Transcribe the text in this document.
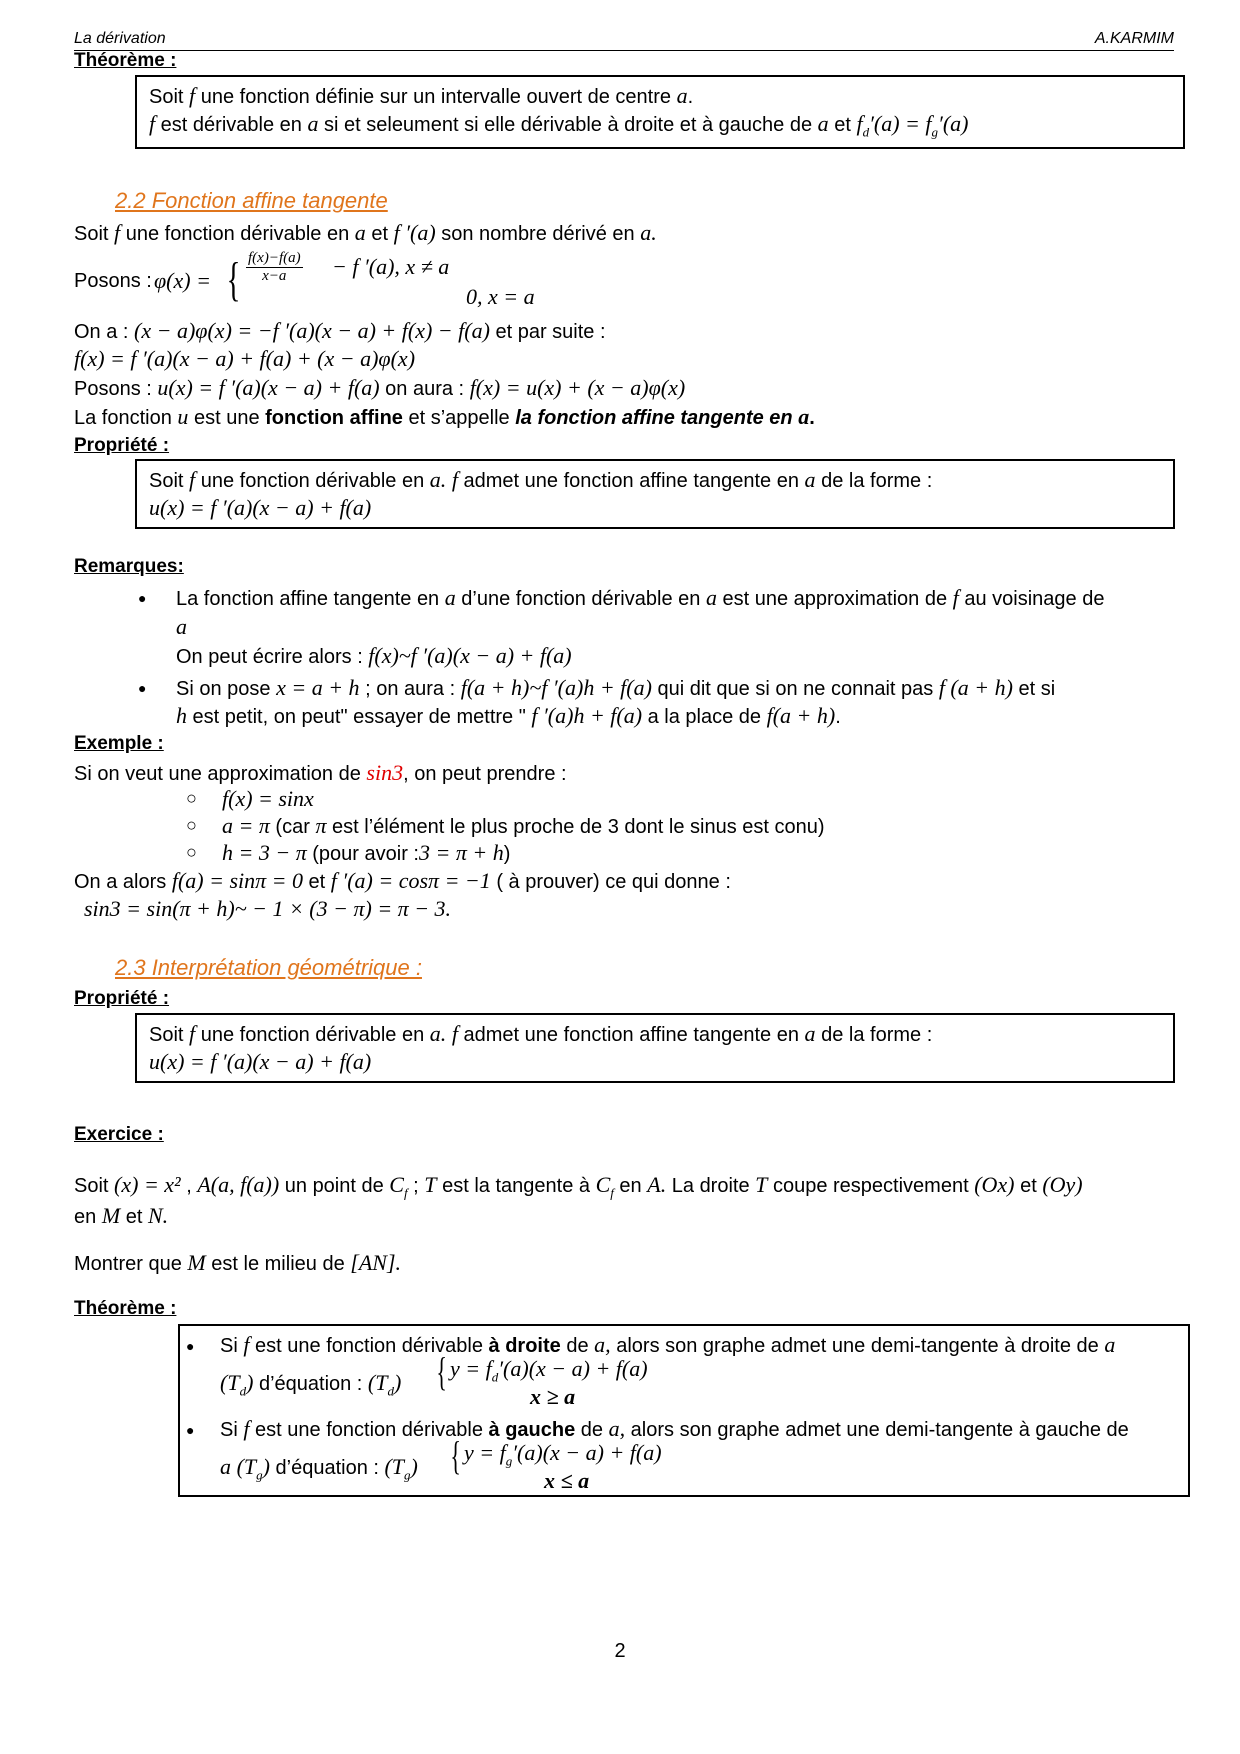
La dérivation	A.KARMIM
Théorème :
Soit f une fonction définie sur un intervalle ouvert de centre a.
f est dérivable en a si et seleument si elle dérivable à droite et à gauche de a et $f_d'(a) = f_g'(a)$
2.2 Fonction affine tangente
Soit f une fonction dérivable en a et f ′(a) son nombre dérivé en a.
Posons : φ(x) = { $\frac{f(x)-f(a)}{x-a} - f$ ′(a), x ≠ a
0, x = a
On a : (x − a)φ(x) = −f ′(a)(x − a) + f(x) − f(a) et par suite :
f(x) = f ′(a)(x − a) + f(a) + (x − a)φ(x)
Posons : u(x) = f ′(a)(x − a) + f(a) on aura : f(x) = u(x) + (x − a)φ(x)
La fonction u est une fonction affine et s’appelle la fonction affine tangente en a.
Propriété :
Soit f une fonction dérivable en a. f admet une fonction affine tangente en a de la forme :
u(x) = f ′(a)(x − a) + f(a)
Remarques:
● La fonction affine tangente en a d’une fonction dérivable en a est une approximation de f au voisinage de
a
On peut écrire alors : f(x)~f ′(a)(x − a) + f(a)
● Si on pose x = a + h ; on aura : f(a + h)~f ′(a)h + f(a) qui dit que si on ne connait pas f (a + h) et si
h est petit, on peut" essayer de mettre " f ′(a)h + f(a) a la place de f(a + h).
Exemple :
Si on veut une approximation de sin3, on peut prendre :
○ f(x) = sinx
○ a = π (car π est l’élément le plus proche de 3 dont le sinus est conu)
○ h = 3 − π (pour avoir :3 = π + h)
On a alors f(a) = sinπ = 0 et f ′(a) = cosπ = −1 ( à prouver) ce qui donne :
sin3 = sin(π + h)~ − 1 × (3 − π) = π − 3.
2.3 Interprétation géométrique :
Propriété :
Soit f une fonction dérivable en a. f admet une fonction affine tangente en a de la forme :
u(x) = f ′(a)(x − a) + f(a)
Exercice :
Soit (x) = x² , A(a, f(a)) un point de $C_f$ ; T est la tangente à $C_f$ en A. La droite T coupe respectivement (Ox) et (Oy)
en M et N.
Montrer que M est le milieu de [AN].
Théorème :
● Si f est une fonction dérivable à droite de a, alors son graphe admet une demi-tangente à droite de a
$(T_d)$ d’équation : $(T_d)$ { $y = f_d'(a)(x - a) + f(a)$
x ≥ a
● Si f est une fonction dérivable à gauche de a, alors son graphe admet une demi-tangente à gauche de
a $(T_g)$ d’équation : $(T_g)$ { $y = f_g'(a)(x - a) + f(a)$
x ≤ a
2
